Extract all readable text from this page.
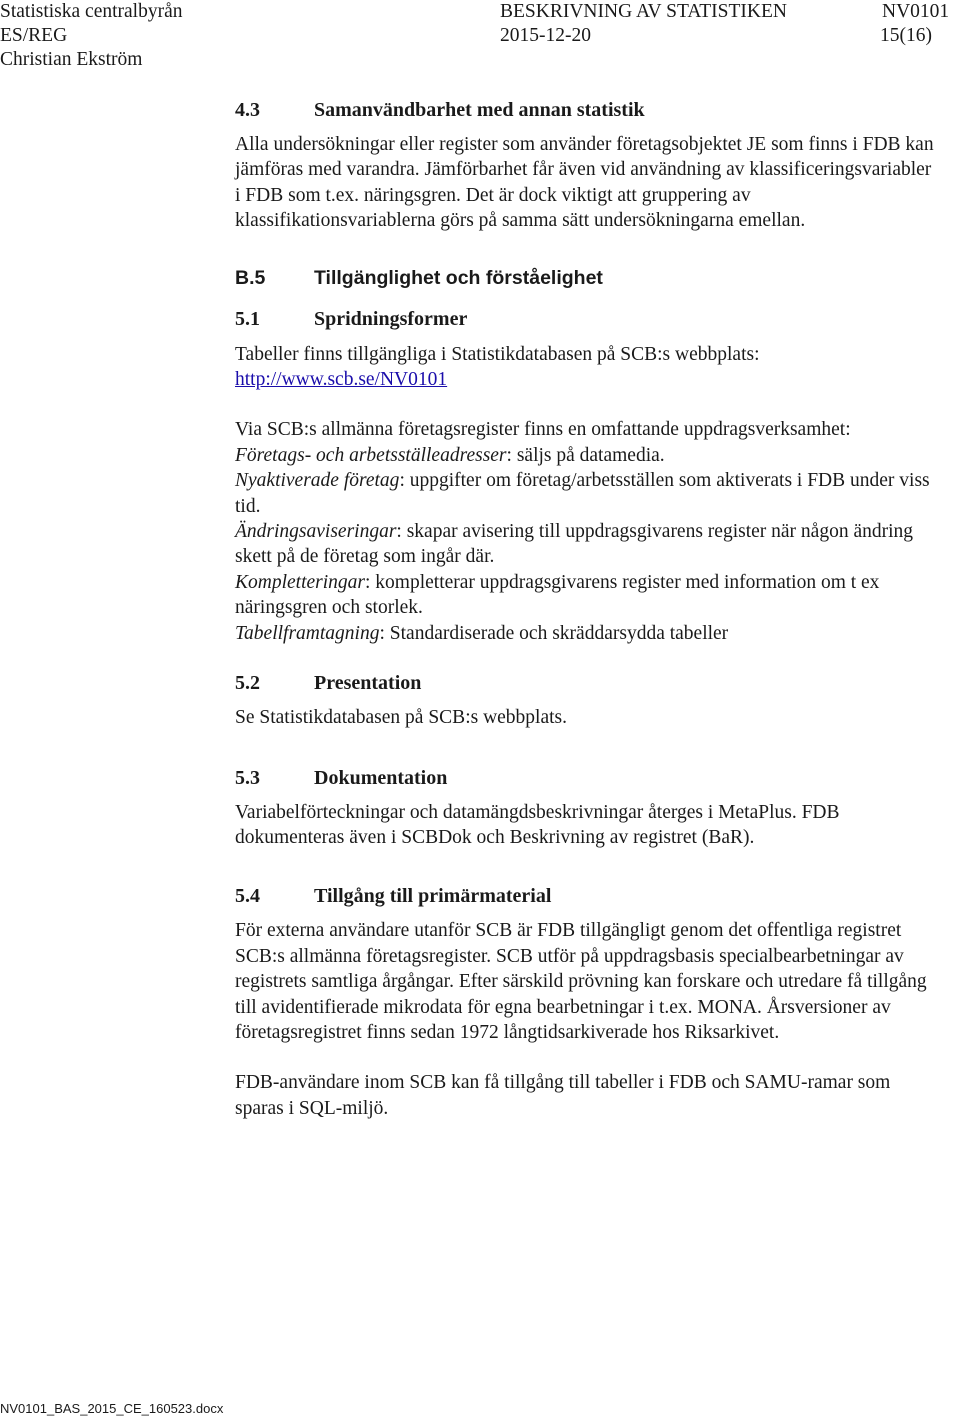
Statistiska centralbyrån
ES/REG
Christian Ekström
BESKRIVNING AV STATISTIKEN	NV0101
2015-12-20	15(16)
4.3	Samanvändbarhet med annan statistik

Alla undersökningar eller register som använder företagsobjektet JE som finns i FDB kan jämföras med varandra. Jämförbarhet får även vid användning av klassificeringsvariabler i FDB som t.ex. näringsgren. Det är dock viktigt att gruppering av klassifikationsvariablerna görs på samma sätt undersökningarna emellan.

B.5	Tillgänglighet och förståelighet
5.1	Spridningsformer

Tabeller finns tillgängliga i Statistikdatabasen på SCB:s webbplats:
http://www.scb.se/NV0101

Via SCB:s allmänna företagsregister finns en omfattande uppdragsverksamhet:

Företags- och arbetsställeadresser: säljs på datamedia.

Nyaktiverade företag: uppgifter om företag/arbetsställen som aktiverats i FDB under viss tid.

Ändringsaviseringar: skapar avisering till uppdragsgivarens register när någon ändring skett på de företag som ingår där.

Kompletteringar: kompletterar uppdragsgivarens register med information om t ex näringsgren och storlek.

Tabellframtagning: Standardiserade och skräddarsydda tabeller

5.2	Presentation

Se Statistikdatabasen på SCB:s webbplats.

5.3	Dokumentation

Variabelförteckningar och datamängdsbeskrivningar återges i MetaPlus. FDB dokumenteras även i SCBDok och Beskrivning av registret (BaR).

5.4	Tillgång till primärmaterial

För externa användare utanför SCB är FDB tillgängligt genom det offentliga registret SCB:s allmänna företagsregister. SCB utför på uppdragsbasis specialbearbetningar av registrets samtliga årgångar. Efter särskild prövning kan forskare och utredare få tillgång till avidentifierade mikrodata för egna bearbetningar i t.ex. MONA. Årsversioner av företagsregistret finns sedan 1972 långtidsarkiverade hos Riksarkivet.

FDB-användare inom SCB kan få tillgång till tabeller i FDB och SAMU-ramar som sparas i SQL-miljö.

NV0101_BAS_2015_CE_160523.docx
